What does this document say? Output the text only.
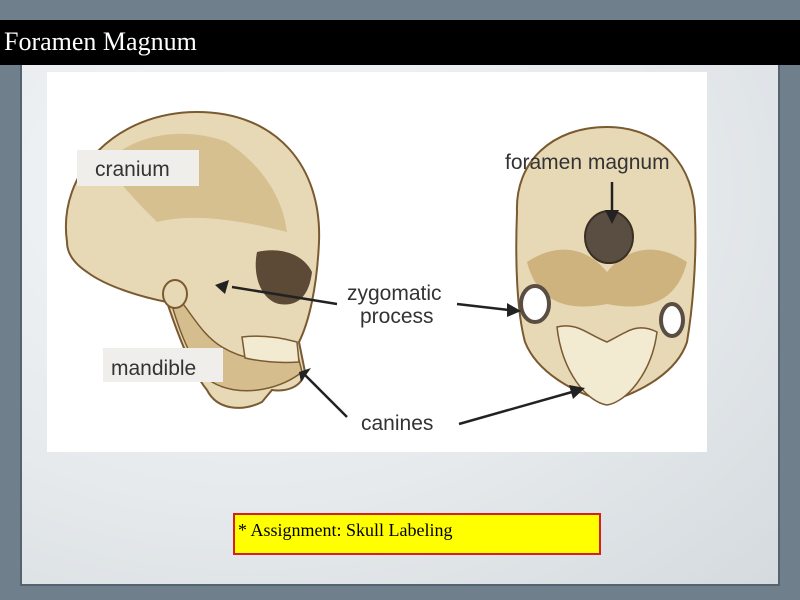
Foramen Magnum
cranium	foramen magnum
zygomatic
process
mandible
canines
* Assignment: Skull Labeling
